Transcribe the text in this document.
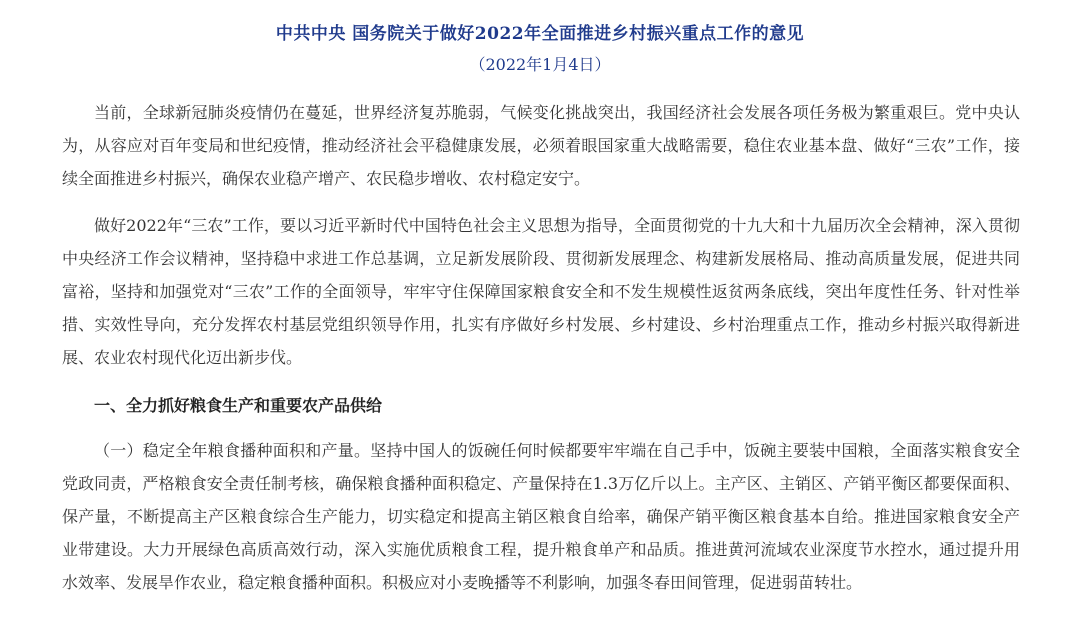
中共中央 国务院关于做好2022年全面推进乡村振兴重点工作的意见
（2022年1月4日）

当前，全球新冠肺炎疫情仍在蔓延，世界经济复苏脆弱，气候变化挑战突出，我国经济社会发展各项任务极为繁重艰巨。党中央认为，从容应对百年变局和世纪疫情，推动经济社会平稳健康发展，必须着眼国家重大战略需要，稳住农业基本盘、做好“三农”工作，接续全面推进乡村振兴，确保农业稳产增产、农民稳步增收、农村稳定安宁。

做好2022年“三农”工作，要以习近平新时代中国特色社会主义思想为指导，全面贯彻党的十九大和十九届历次全会精神，深入贯彻中央经济工作会议精神，坚持稳中求进工作总基调，立足新发展阶段、贯彻新发展理念、构建新发展格局、推动高质量发展，促进共同富裕，坚持和加强党对“三农”工作的全面领导，牢牢守住保障国家粮食安全和不发生规模性返贫两条底线，突出年度性任务、针对性举措、实效性导向，充分发挥农村基层党组织领导作用，扎实有序做好乡村发展、乡村建设、乡村治理重点工作，推动乡村振兴取得新进展、农业农村现代化迈出新步伐。

一、全力抓好粮食生产和重要农产品供给

（一）稳定全年粮食播种面积和产量。坚持中国人的饭碗任何时候都要牢牢端在自己手中，饭碗主要装中国粮，全面落实粮食安全党政同责，严格粮食安全责任制考核，确保粮食播种面积稳定、产量保持在1.3万亿斤以上。主产区、主销区、产销平衡区都要保面积、保产量，不断提高主产区粮食综合生产能力，切实稳定和提高主销区粮食自给率，确保产销平衡区粮食基本自给。推进国家粮食安全产业带建设。大力开展绿色高质高效行动，深入实施优质粮食工程，提升粮食单产和品质。推进黄河流域农业深度节水控水，通过提升用水效率、发展旱作农业，稳定粮食播种面积。积极应对小麦晚播等不利影响，加强冬春田间管理，促进弱苗转壮。
